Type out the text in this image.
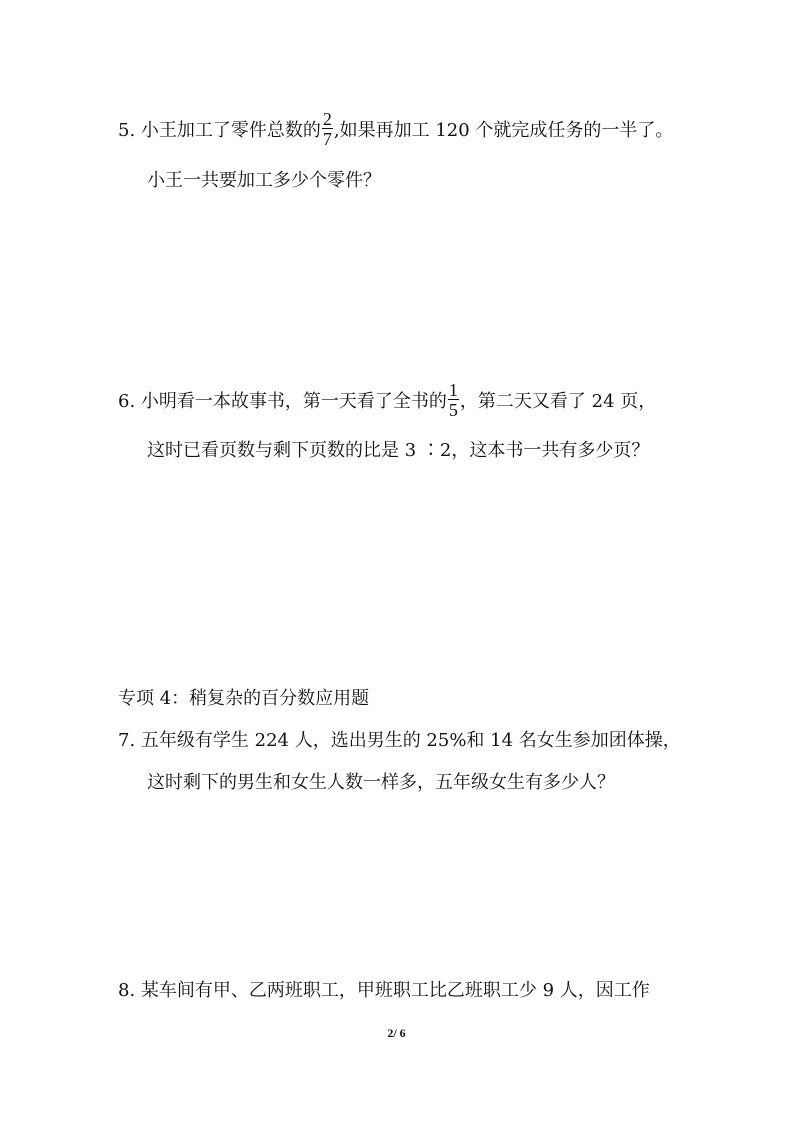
5. 小王加工了零件总数的 $\frac{2}{7}$ ,如果再加工 120 个就完成任务的一半了。
小王一共要加工多少个零件？
6. 小明看一本故事书，第一天看了全书的 $\frac{1}{5}$ ，第二天又看了 24 页，
这时已看页数与剩下页数的比是 3 ∶2，这本书一共有多少页？
专项 4：稍复杂的百分数应用题
7. 五年级有学生 224 人，选出男生的 25%和 14 名女生参加团体操，
这时剩下的男生和女生人数一样多，五年级女生有多少人？
8. 某车间有甲、乙两班职工，甲班职工比乙班职工少 9 人，因工作
2/ 6
